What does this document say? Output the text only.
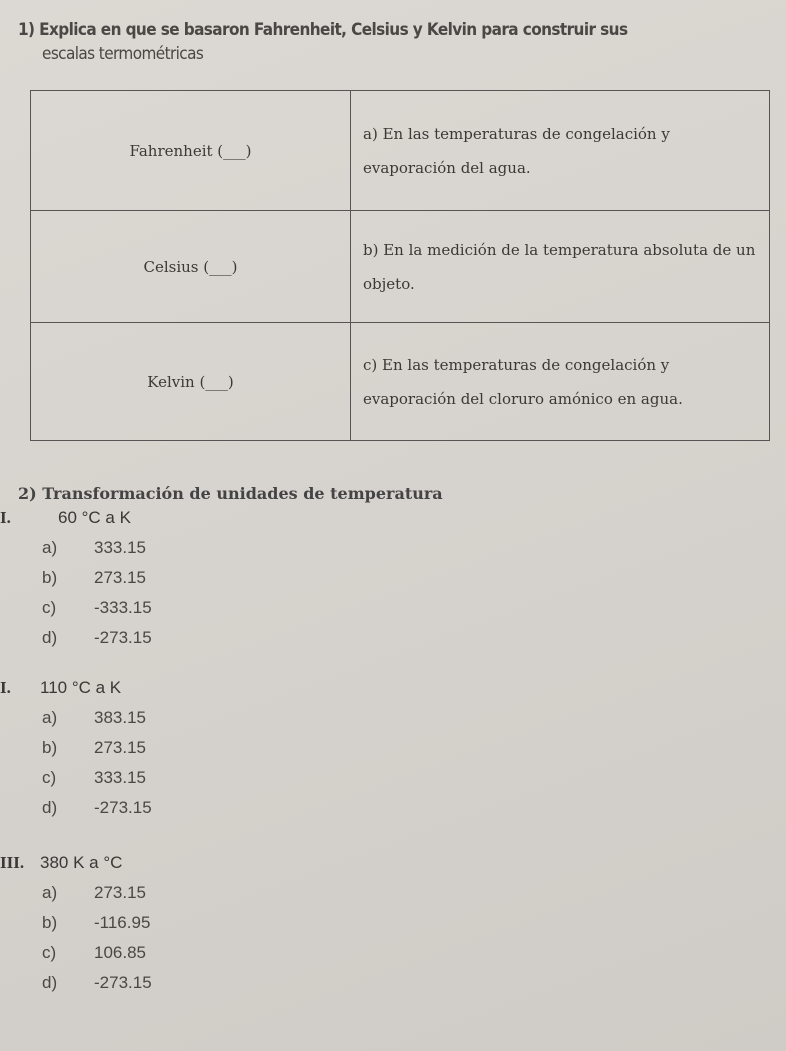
1) Explica en que se basaron Fahrenheit, Celsius y Kelvin para construir sus
escalas termométricas
Fahrenheit (___)	a) En las temperaturas de congelación y evaporación del agua.
Celsius (___)	b) En la medición de la temperatura absoluta de un objeto.
Kelvin (___)	c) En las temperaturas de congelación y evaporación del cloruro amónico en agua.
2) Transformación de unidades de temperatura
I.	60 °C a K
a) 333.15
b) 273.15
c) -333.15
d) -273.15
I. 110 °C a K
a) 383.15
b) 273.15
c) 333.15
d) -273.15
III. 380 K a °C
a) 273.15
b) -116.95
c) 106.85
d) -273.15
